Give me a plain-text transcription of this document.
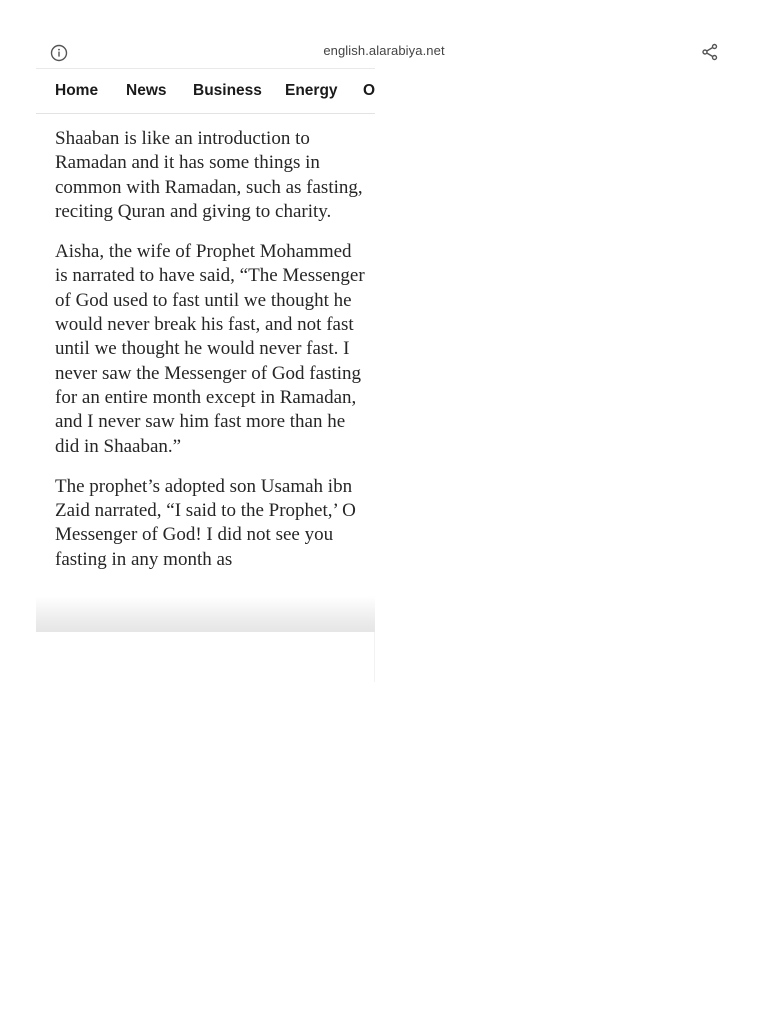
english.alarabiya.net
Home News Business Energy O

Shaaban is like an introduction to Ramadan and it has some things in common with Ramadan, such as fasting, reciting Quran and giving to charity.

Aisha, the wife of Prophet Mohammed is narrated to have said, “The Messenger of God used to fast until we thought he would never break his fast, and not fast until we thought he would never fast. I never saw the Messenger of God fasting for an entire month except in Ramadan, and I never saw him fast more than he did in Shaaban.”

The prophet’s adopted son Usamah ibn Zaid narrated, “I said to the Prophet,’ O Messenger of God! I did not see you fasting in any month as
